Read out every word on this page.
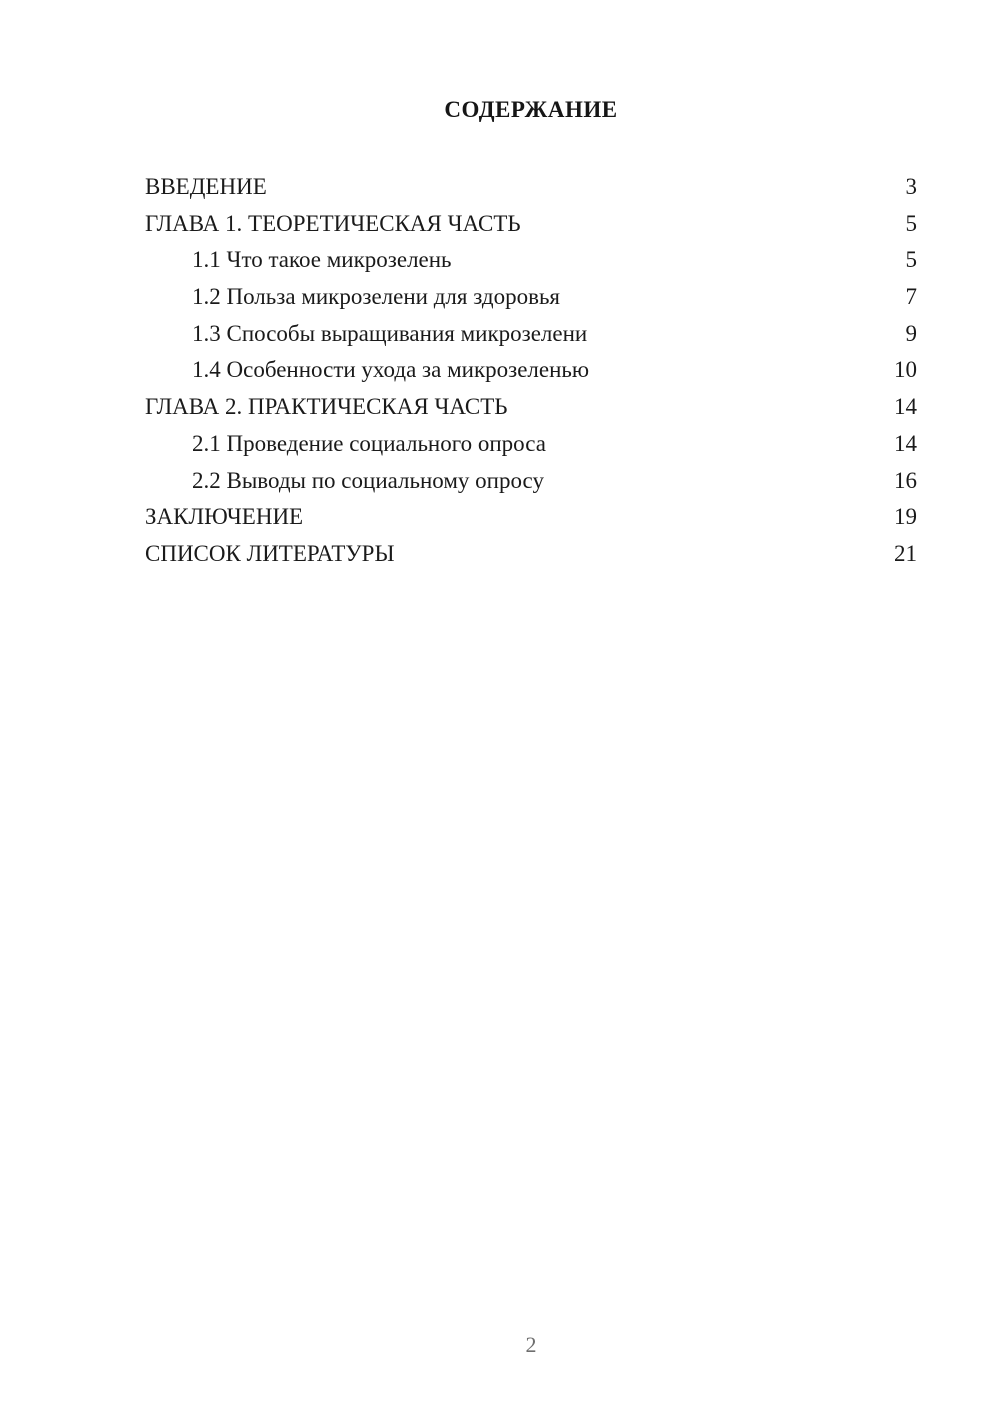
СОДЕРЖАНИЕ
ВВЕДЕНИЕ	3
ГЛАВА 1. ТЕОРЕТИЧЕСКАЯ ЧАСТЬ	5
1.1 Что такое микрозелень	5
1.2 Польза микрозелени для здоровья	7
1.3 Способы выращивания микрозелени	9
1.4 Особенности ухода за микрозеленью	10
ГЛАВА 2. ПРАКТИЧЕСКАЯ ЧАСТЬ	14
2.1 Проведение социального опроса	14
2.2 Выводы по социальному опросу	16
ЗАКЛЮЧЕНИЕ	19
СПИСОК ЛИТЕРАТУРЫ	21
2
